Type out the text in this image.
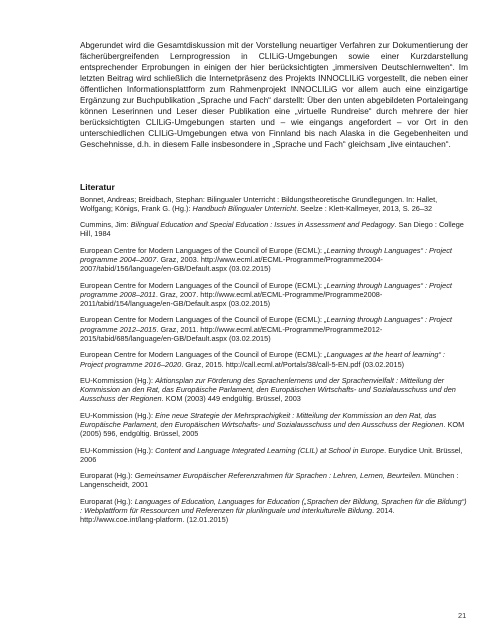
Abgerundet wird die Gesamtdiskussion mit der Vorstellung neuartiger Verfahren zur Dokumentierung der fächerübergreifenden Lernprogression in CLILiG-Umgebungen sowie einer Kurzdarstellung entsprechender Erprobungen in einigen der hier berücksichtigten „immersiven Deutschlernwelten“. Im letzten Beitrag wird schließlich die Internetpräsenz des Projekts INNOCLILiG vorgestellt, die neben einer öffentlichen Informationsplattform zum Rahmenprojekt INNOCLILiG vor allem auch eine einzigartige Ergänzung zur Buchpublikation „Sprache und Fach“ darstellt: Über den unten abgebildeten Portaleingang können Leserinnen und Leser dieser Publikation eine „virtuelle Rundreise“ durch mehrere der hier berücksichtigten CLILiG-Umgebungen starten und – wie eingangs angefordert – vor Ort in den unterschiedlichen CLILiG-Umgebungen etwa von Finnland bis nach Alaska in die Gegebenheiten und Geschehnisse, d.h. in diesem Falle insbesondere in „Sprache und Fach“ gleichsam „live eintauchen“.

Literatur
Bonnet, Andreas; Breidbach, Stephan: Bilingualer Unterricht : Bildungstheoretische Grundlegungen. In: Hallet, Wolfgang; Königs, Frank G. (Hg.): Handbuch Bilingualer Unterricht. Seelze : Klett-Kallmeyer, 2013, S. 26–32
Cummins, Jim: Bilingual Education and Special Education : Issues in Assessment and Pedagogy. San Diego : College Hill, 1984
European Centre for Modern Languages of the Council of Europe (ECML): „Learning through Languages“ : Project programme 2004–2007. Graz, 2003. http://www.ecml.at/ECML-Programme/Programme2004-2007/tabid/156/language/en-GB/Default.aspx (03.02.2015)
European Centre for Modern Languages of the Council of Europe (ECML): „Learning through Languages“ : Project programme 2008–2011. Graz, 2007. http://www.ecml.at/ECML-Programme/Programme2008-2011/tabid/154/language/en-GB/Default.aspx (03.02.2015)
European Centre for Modern Languages of the Council of Europe (ECML): „Learning through Languages“ : Project programme 2012–2015. Graz, 2011. http://www.ecml.at/ECML-Programme/Programme2012-2015/tabid/685/language/en-GB/Default.aspx (03.02.2015)
European Centre for Modern Languages of the Council of Europe (ECML): „Languages at the heart of learning“ : Project programme 2016–2020. Graz, 2015. http://call.ecml.at/Portals/38/call-5-EN.pdf (03.02.2015)
EU-Kommission (Hg.): Aktionsplan zur Förderung des Sprachenlernens und der Sprachenvielfalt : Mitteilung der Kommission an den Rat, das Europäische Parlament, den Europäischen Wirtschafts- und Sozialausschuss und den Ausschuss der Regionen. KOM (2003) 449 endgültig. Brüssel, 2003
EU-Kommission (Hg.): Eine neue Strategie der Mehrsprachigkeit : Mitteilung der Kommission an den Rat, das Europäische Parlament, den Europäischen Wirtschafts- und Sozialausschuss und den Ausschuss der Regionen. KOM (2005) 596, endgültig. Brüssel, 2005
EU-Kommission (Hg.): Content and Language Integrated Learning (CLIL) at School in Europe. Eurydice Unit. Brüssel, 2006
Europarat (Hg.): Gemeinsamer Europäischer Referenzrahmen für Sprachen : Lehren, Lernen, Beurteilen. München : Langenscheidt, 2001
Europarat (Hg.): Languages of Education, Languages for Education („Sprachen der Bildung, Sprachen für die Bildung“) : Webplattform für Ressourcen und Referenzen für plurilinguale und interkulturelle Bildung. 2014. http://www.coe.int/lang-platform. (12.01.2015)
21
